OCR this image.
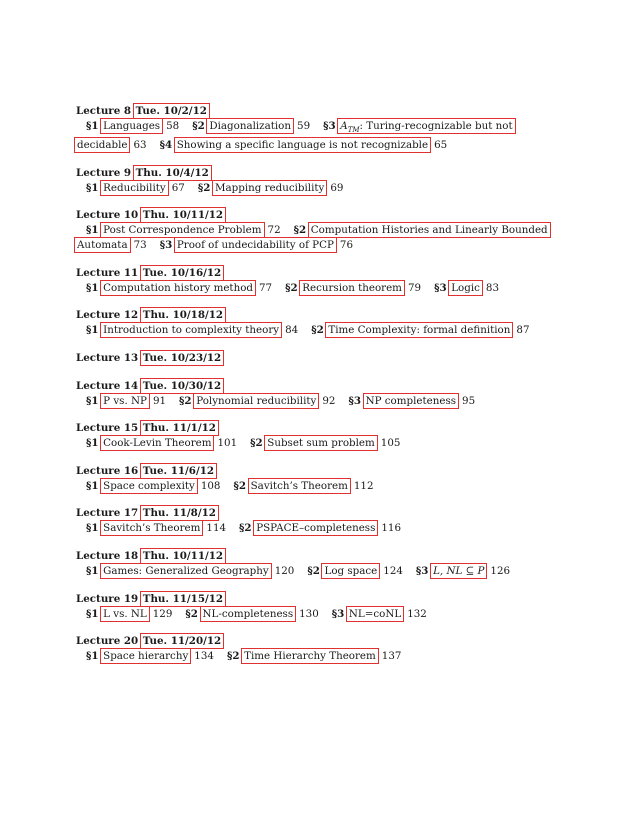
Lecture 8 Tue. 10/2/12
§1 Languages 58 §2 Diagonalization 59 §3 $A_{TM}$: Turing-recognizable but not
decidable 63 §4 Showing a specific language is not recognizable 65
Lecture 9 Thu. 10/4/12
§1 Reducibility 67 §2 Mapping reducibility 69
Lecture 10 Thu. 10/11/12
§1 Post Correspondence Problem 72 §2 Computation Histories and Linearly Bounded
Automata 73 §3 Proof of undecidability of PCP 76
Lecture 11 Tue. 10/16/12
§1 Computation history method 77 §2 Recursion theorem 79 §3 Logic 83
Lecture 12 Thu. 10/18/12
§1 Introduction to complexity theory 84 §2 Time Complexity: formal definition 87
Lecture 13 Tue. 10/23/12
Lecture 14 Tue. 10/30/12
§1 P vs. NP 91 §2 Polynomial reducibility 92 §3 NP completeness 95
Lecture 15 Thu. 11/1/12
§1 Cook-Levin Theorem 101 §2 Subset sum problem 105
Lecture 16 Tue. 11/6/12
§1 Space complexity 108 §2 Savitch’s Theorem 112
Lecture 17 Thu. 11/8/12
§1 Savitch’s Theorem 114 §2 PSPACE–completeness 116
Lecture 18 Thu. 10/11/12
§1 Games: Generalized Geography 120 §2 Log space 124 §3 L, NL ⊆ P 126
Lecture 19 Thu. 11/15/12
§1 L vs. NL 129 §2 NL-completeness 130 §3 NL=coNL 132
Lecture 20 Tue. 11/20/12
§1 Space hierarchy 134 §2 Time Hierarchy Theorem 137
